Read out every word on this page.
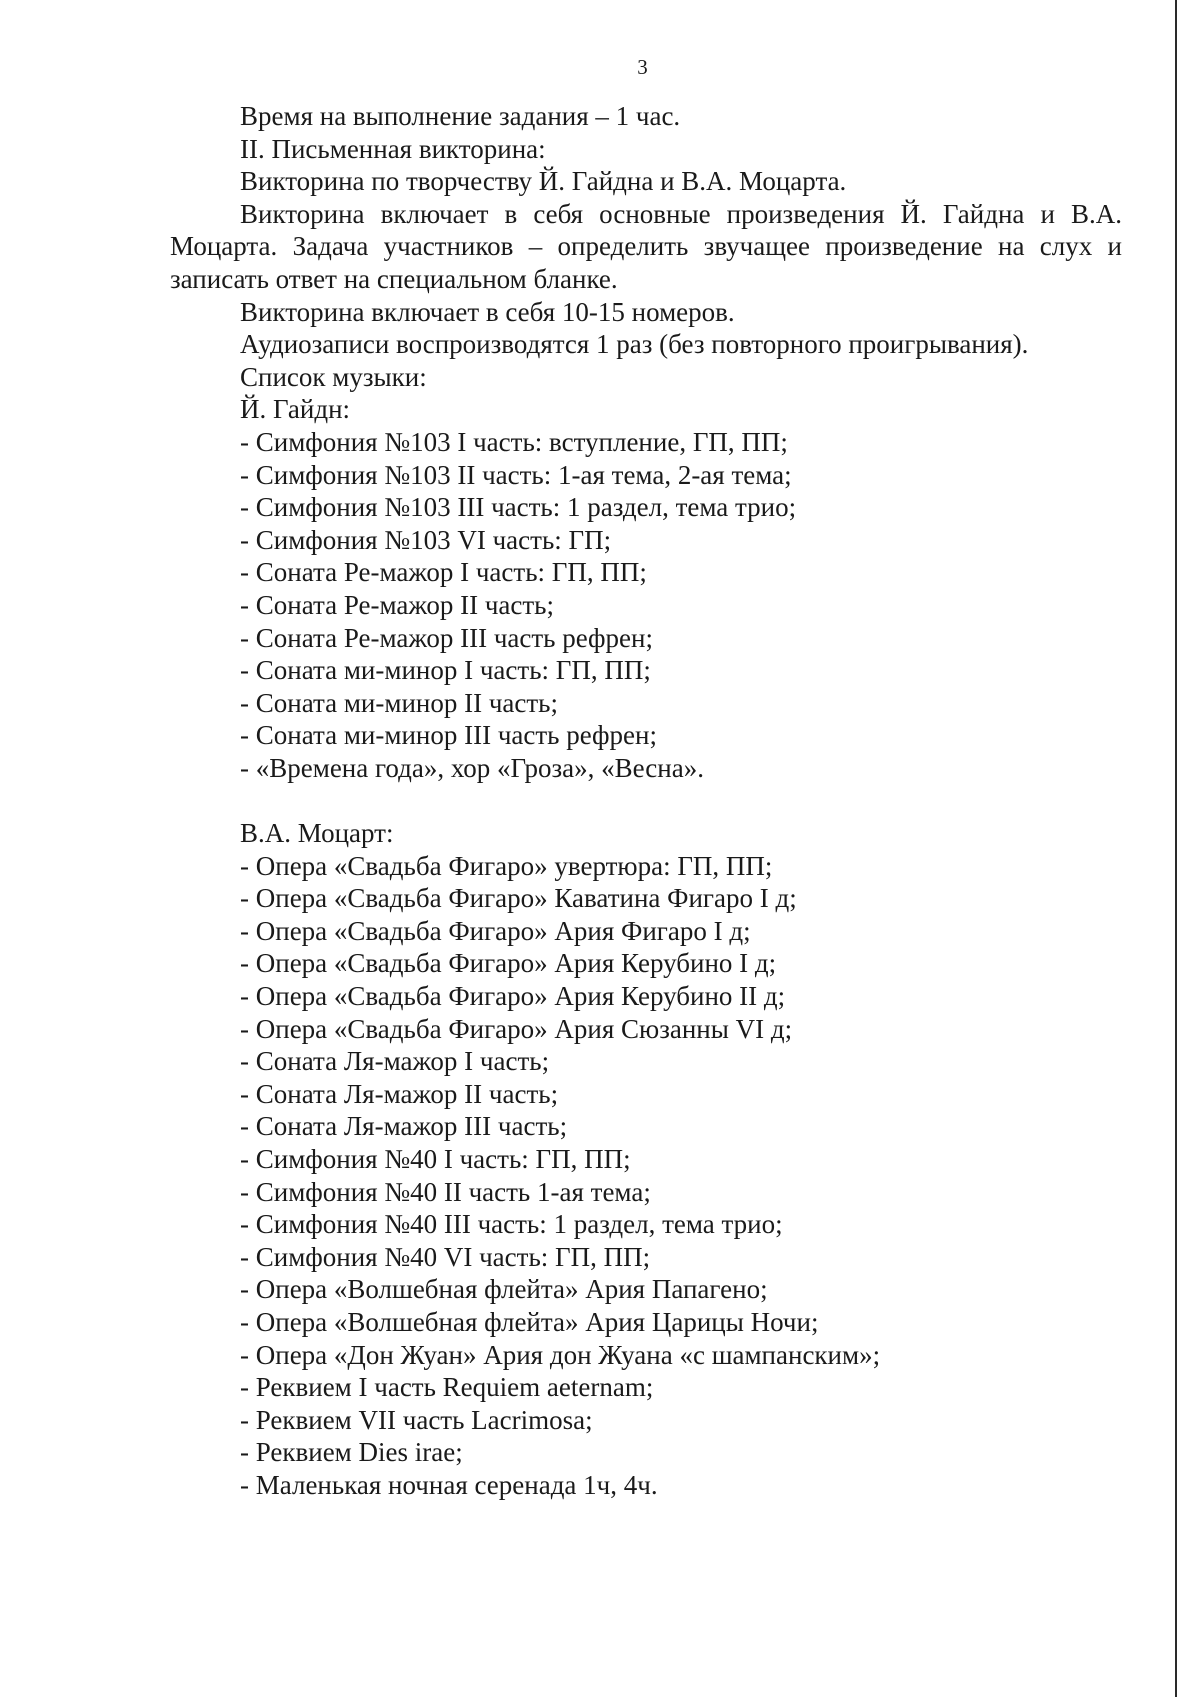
3
Время на выполнение задания – 1 час.
II. Письменная викторина:
Викторина по творчеству Й. Гайдна и В.А. Моцарта.
Викторина включает в себя основные произведения Й. Гайдна и В.А. Моцарта. Задача участников – определить звучащее произведение на слух и записать ответ на специальном бланке.
Викторина включает в себя 10-15 номеров.
Аудиозаписи воспроизводятся 1 раз (без повторного проигрывания).
Список музыки:
Й. Гайдн:
- Симфония №103 I часть: вступление, ГП, ПП;
- Симфония №103 II часть: 1-ая тема, 2-ая тема;
- Симфония №103 III часть: 1 раздел, тема трио;
- Симфония №103 VI часть: ГП;
- Соната Ре-мажор I часть: ГП, ПП;
- Соната Ре-мажор II часть;
- Соната Ре-мажор III часть рефрен;
- Соната ми-минор I часть: ГП, ПП;
- Соната ми-минор II часть;
- Соната ми-минор III часть рефрен;
- «Времена года», хор «Гроза», «Весна».
В.А. Моцарт:
- Опера «Свадьба Фигаро» увертюра: ГП, ПП;
- Опера «Свадьба Фигаро» Каватина Фигаро I д;
- Опера «Свадьба Фигаро» Ария Фигаро I д;
- Опера «Свадьба Фигаро» Ария Керубино I д;
- Опера «Свадьба Фигаро» Ария Керубино II д;
- Опера «Свадьба Фигаро» Ария Сюзанны VI д;
- Соната Ля-мажор I часть;
- Соната Ля-мажор II часть;
- Соната Ля-мажор III часть;
- Симфония №40 I часть: ГП, ПП;
- Симфония №40 II часть 1-ая тема;
- Симфония №40 III часть: 1 раздел, тема трио;
- Симфония №40 VI часть: ГП, ПП;
- Опера «Волшебная флейта» Ария Папагено;
- Опера «Волшебная флейта» Ария Царицы Ночи;
- Опера «Дон Жуан» Ария дон Жуана «с шампанским»;
- Реквием I часть Requiem aeternam;
- Реквием VII часть Lacrimosa;
- Реквием Dies irae;
- Маленькая ночная серенада 1ч, 4ч.
